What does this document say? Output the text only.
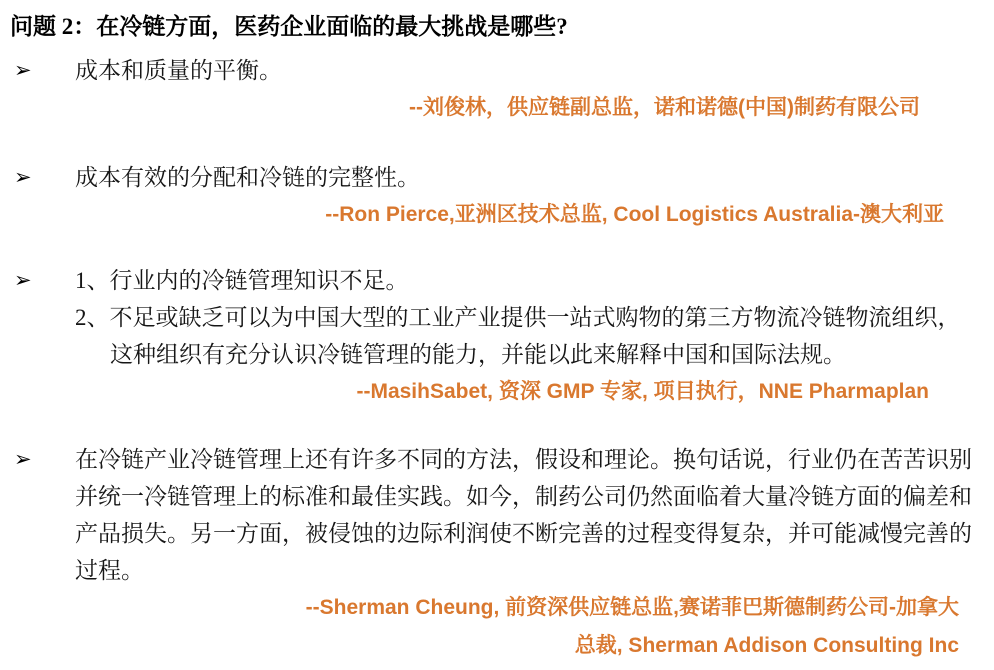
问题 2：在冷链方面，医药企业面临的最大挑战是哪些?
➢	成本和质量的平衡。
--刘俊林，供应链副总监，诺和诺德(中国)制药有限公司
➢	成本有效的分配和冷链的完整性。
--Ron Pierce,亚洲区技术总监, Cool Logistics Australia-澳大利亚
➢	1、行业内的冷链管理知识不足。
2、不足或缺乏可以为中国大型的工业产业提供一站式购物的第三方物流冷链物流组织，
这种组织有充分认识冷链管理的能力，并能以此来解释中国和国际法规。
--MasihSabet, 资深 GMP 专家, 项目执行，NNE Pharmaplan
➢	在冷链产业冷链管理上还有许多不同的方法，假设和理论。换句话说，行业仍在苦苦识别
并统一冷链管理上的标准和最佳实践。如今，制药公司仍然面临着大量冷链方面的偏差和
产品损失。另一方面，被侵蚀的边际利润使不断完善的过程变得复杂，并可能减慢完善的
过程。
--Sherman Cheung, 前资深供应链总监,赛诺菲巴斯德制药公司-加拿大
总裁, Sherman Addison Consulting Inc
